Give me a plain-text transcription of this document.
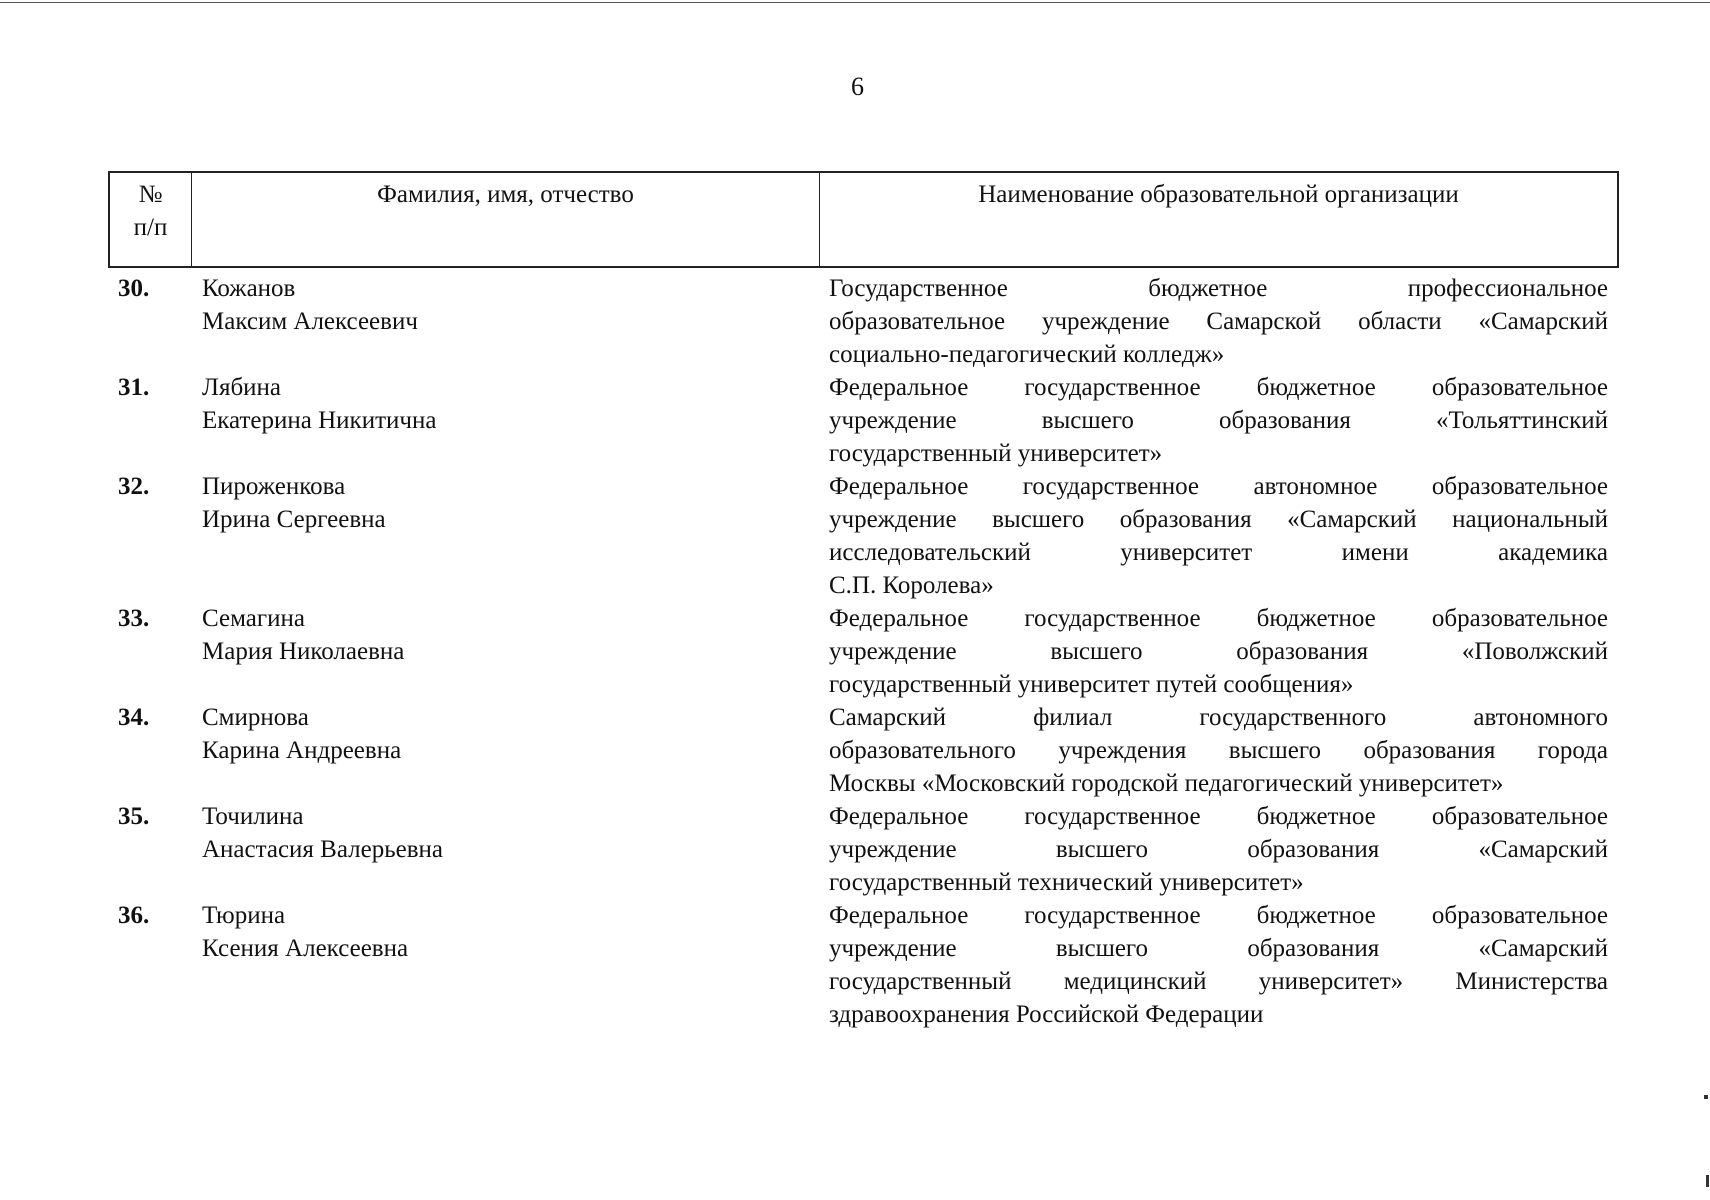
6
№
п/п
Фамилия, имя, отчество	Наименование образовательной организации
30. Кожанов
Максим Алексеевич
Государственное бюджетное профессиональное
образовательное учреждение Самарской области «Самарский
социально-педагогический колледж»
31. Лябина
Екатерина Никитична
Федеральное государственное бюджетное образовательное
учреждение высшего образования «Тольяттинский
государственный университет»
32. Пироженкова
Ирина Сергеевна
Федеральное государственное автономное образовательное
учреждение высшего образования «Самарский национальный
исследовательский университет имени академика
С.П. Королева»
33. Семагина
Мария Николаевна
Федеральное государственное бюджетное образовательное
учреждение высшего образования «Поволжский
государственный университет путей сообщения»
34. Смирнова
Карина Андреевна
Самарский филиал государственного автономного
образовательного учреждения высшего образования города
Москвы «Московский городской педагогический университет»
35. Точилина
Анастасия Валерьевна
Федеральное государственное бюджетное образовательное
учреждение высшего образования «Самарский
государственный технический университет»
36. Тюрина
Ксения Алексеевна
Федеральное государственное бюджетное образовательное
учреждение высшего образования «Самарский
государственный медицинский университет» Министерства
здравоохранения Российской Федерации
